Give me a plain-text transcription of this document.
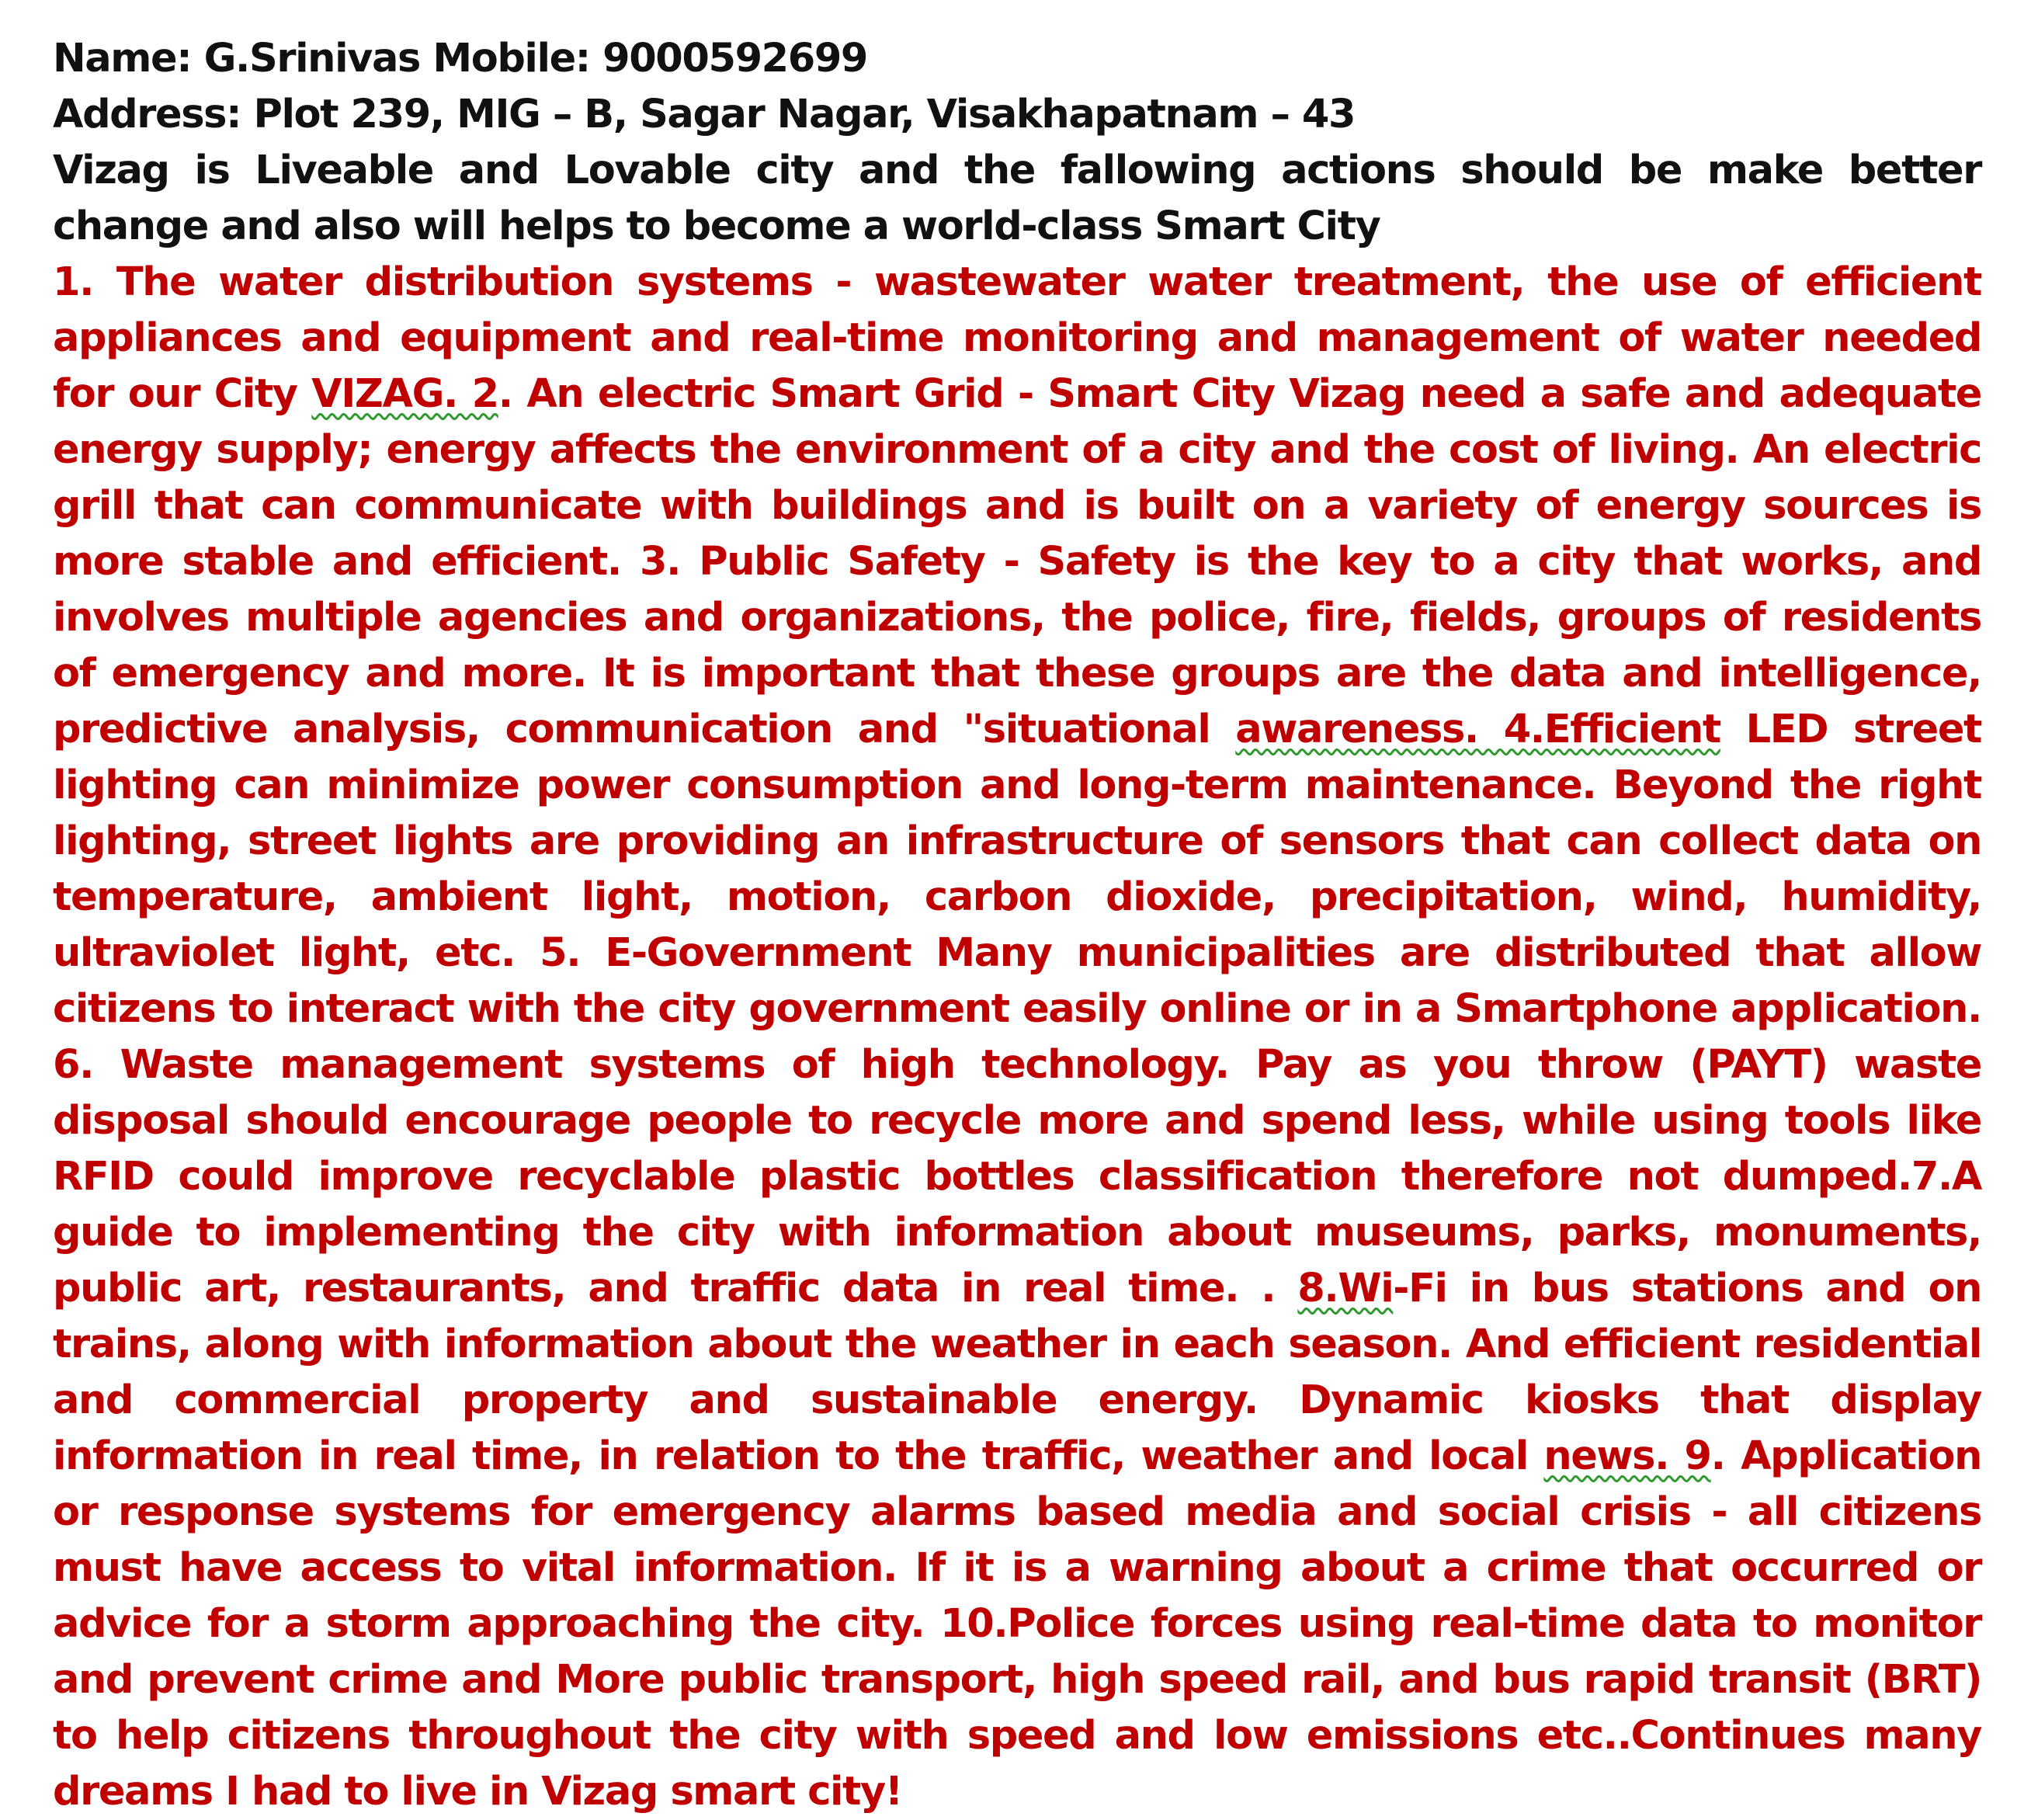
Name: G.Srinivas Mobile: 9000592699
Address: Plot 239, MIG – B, Sagar Nagar, Visakhapatnam – 43

Vizag is Liveable and Lovable city and the fallowing actions should be make better change and also will helps to become a world-class Smart City

1. The water distribution systems - wastewater water treatment, the use of efficient appliances and equipment and real-time monitoring and management of water needed for our City VIZAG. 2. An electric Smart Grid - Smart City Vizag need a safe and adequate energy supply; energy affects the environment of a city and the cost of living. An electric grill that can communicate with buildings and is built on a variety of energy sources is more stable and efficient. 3. Public Safety - Safety is the key to a city that works, and involves multiple agencies and organizations, the police, fire, fields, groups of residents of emergency and more. It is important that these groups are the data and intelligence, predictive analysis, communication and "situational awareness. 4.Efficient LED street lighting can minimize power consumption and long-term maintenance. Beyond the right lighting, street lights are providing an infrastructure of sensors that can collect data on temperature, ambient light, motion, carbon dioxide, precipitation, wind, humidity, ultraviolet light, etc. 5. E-Government Many municipalities are distributed that allow citizens to interact with the city government easily online or in a Smartphone application. 6. Waste management systems of high technology. Pay as you throw (PAYT) waste disposal should encourage people to recycle more and spend less, while using tools like RFID could improve recyclable plastic bottles classification therefore not dumped.7.A guide to implementing the city with information about museums, parks, monuments, public art, restaurants, and traffic data in real time. . 8.Wi-Fi in bus stations and on trains, along with information about the weather in each season. And efficient residential and commercial property and sustainable energy. Dynamic kiosks that display information in real time, in relation to the traffic, weather and local news. 9. Application or response systems for emergency alarms based media and social crisis - all citizens must have access to vital information. If it is a warning about a crime that occurred or advice for a storm approaching the city. 10.Police forces using real-time data to monitor and prevent crime and More public transport, high speed rail, and bus rapid transit (BRT) to help citizens throughout the city with speed and low emissions etc..Continues many dreams I had to live in Vizag smart city!
